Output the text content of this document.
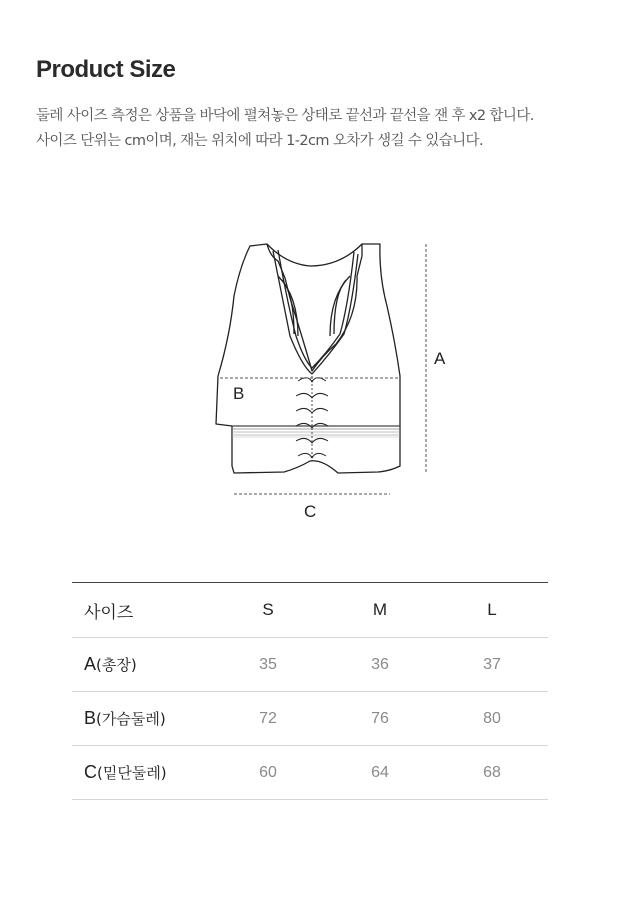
Product Size
둘레 사이즈 측정은 상품을 바닥에 펼쳐놓은 상태로 끝선과 끝선을 잰 후 x2 합니다.
사이즈 단위는 cm이며, 재는 위치에 따라 1-2cm 오차가 생길 수 있습니다.
A
B
C
사이즈	S	M	L
A(총장)	35	36	37
B(가슴둘레)	72	76	80
C(밑단둘레)	60	64	68
